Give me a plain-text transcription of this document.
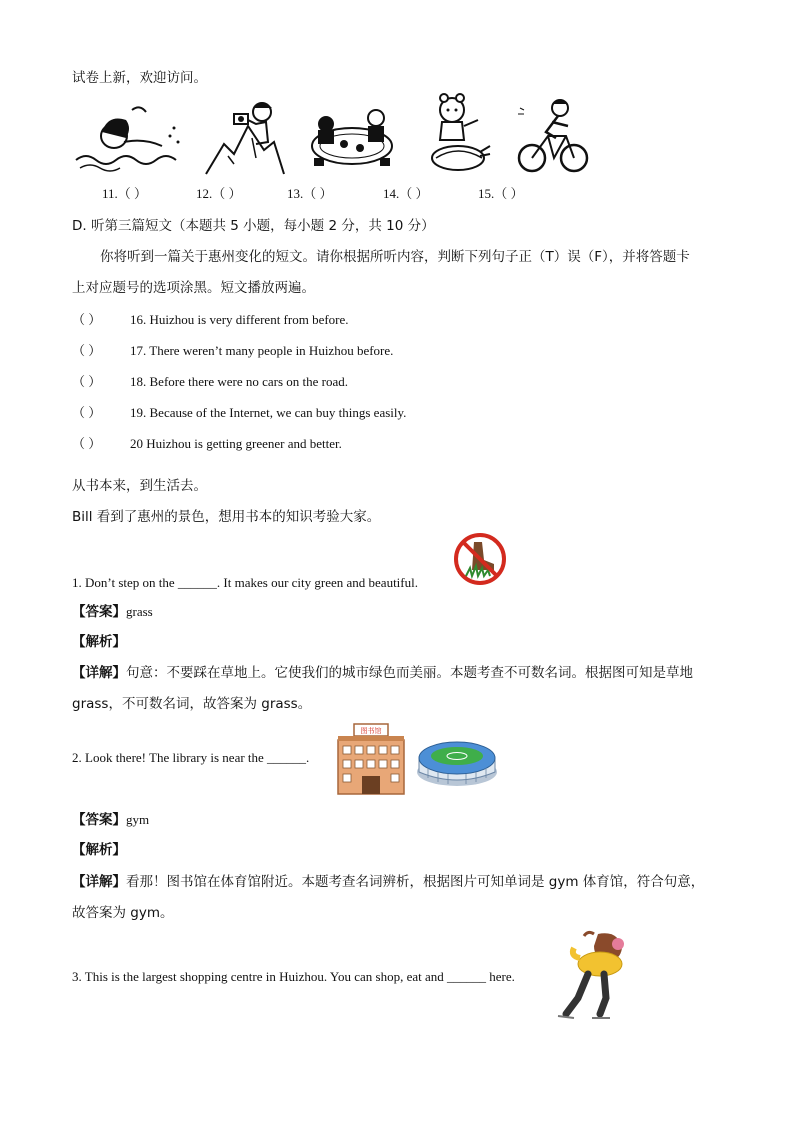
试卷上新，欢迎访问。
11.（ ）	12.（ ）	13.（ ）	14.（ ）	15.（ ）
D. 听第三篇短文（本题共 5 小题，每小题 2 分，共 10 分）
你将听到一篇关于惠州变化的短文。请你根据所听内容，判断下列句子正（T）误（F），并将答题卡
上对应题号的选项涂黑。短文播放两遍。
（ ） 16. Huizhou is very different from before.
（ ） 17. There weren’t many people in Huizhou before.
（ ） 18. Before there were no cars on the road.
（ ） 19. Because of the Internet, we can buy things easily.
（ ） 20 Huizhou is getting greener and better.
从书本来，到生活去。
Bill 看到了惠州的景色，想用书本的知识考验大家。
1. Don’t step on the ______. It makes our city green and beautiful.
【答案】grass
【解析】
【详解】句意：不要踩在草地上。它使我们的城市绿色而美丽。本题考查不可数名词。根据图可知是草地
grass，不可数名词，故答案为 grass。
2. Look there! The library is near the ______.
图书馆
【答案】gym
【解析】
【详解】看那！图书馆在体育馆附近。本题考查名词辨析，根据图片可知单词是 gym 体育馆，符合句意，
故答案为 gym。
3. This is the largest shopping centre in Huizhou. You can shop, eat and ______ here.
